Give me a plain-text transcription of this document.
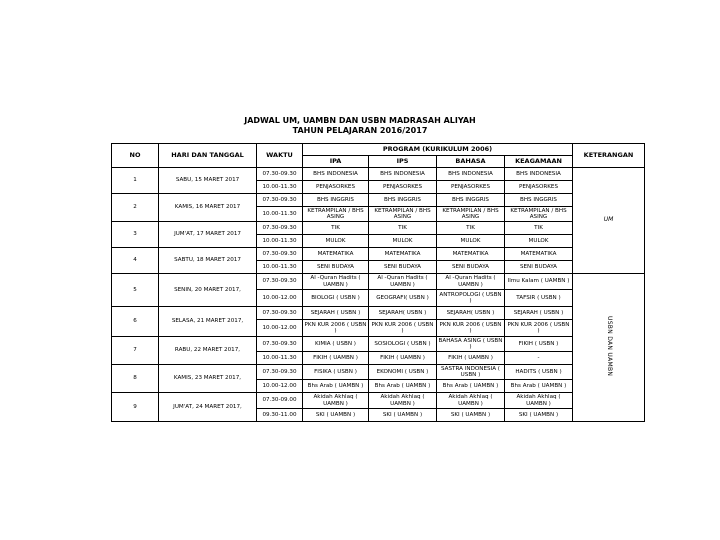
JADWAL UM, UAMBN DAN USBN MADRASAH ALIYAH
TAHUN PELAJARAN 2016/2017
NO	HARI DAN TANGGAL	WAKTU	PROGRAM (KURIKULUM 2006)				KETERANGAN
			IPA	IPS	BAHASA	KEAGAMAAN	
1	SABU, 15 MARET 2017	07.30-09.30	BHS INDONESIA	BHS INDONESIA	BHS INDONESIA	BHS INDONESIA	UM
		10.00-11.30	PENJASORKES	PENJASORKES	PENJASORKES	PENJASORKES	
2	KAMIS, 16 MARET 2017	07.30-09.30	BHS INGGRIS	BHS INGGRIS	BHS INGGRIS	BHS INGGRIS	
		10.00-11.30	KETRAMPILAN / BHS ASING	KETRAMPILAN / BHS ASING	KETRAMPILAN / BHS ASING	KETRAMPILAN / BHS ASING	
3	JUM'AT, 17 MARET 2017	07.30-09.30	TIK	TIK	TIK	TIK	
		10.00-11.30	MULOK	MULOK	MULOK	MULOK	
4	SABTU, 18 MARET 2017	07.30-09.30	MATEMATIKA	MATEMATIKA	MATEMATIKA	MATEMATIKA	
		10.00-11.30	SENI BUDAYA	SENI BUDAYA	SENI BUDAYA	SENI BUDAYA	
5	SENIN, 20 MARET 2017,	07.30-09.30	Al -Quran Hadits ( UAMBN )	Al -Quran Hadits ( UAMBN )	Al -Quran Hadits ( UAMBN )	Ilmu Kalam ( UAMBN )	USBN DAN UAMBN
		10.00-12.00	BIOLOGI ( USBN )	GEOGRAFI( USBN )	ANTROPOLOGI ( USBN )	TAFSIR ( USBN )	
6	SELASA, 21 MARET 2017,	07.30-09.30	SEJARAH ( USBN )	SEJARAH( USBN )	SEJARAH( USBN )	SEJARAH ( USBN )	
		10.00-12.00	PKN KUR 2006 ( USBN )	PKN KUR 2006 ( USBN )	PKN KUR 2006 ( USBN )	PKN KUR 2006 ( USBN )	
7	RABU, 22 MARET 2017,	07.30-09.30	KIMIA ( USBN )	SOSIOLOGI ( USBN )	BAHASA ASING ( USBN )	FIKIH ( USBN )	
		10.00-11.30	FIKIH ( UAMBN )	FIKIH ( UAMBN )	FIKIH ( UAMBN )	-	
8	KAMIS, 23 MARET 2017,	07.30-09.30	FISIKA ( USBN )	EKONOMI ( USBN )	SASTRA INDONESIA ( USBN )	HADITS ( USBN )	
		10.00-12.00	Bhs Arab ( UAMBN )	Bhs Arab ( UAMBN )	Bhs Arab ( UAMBN )	Bhs Arab ( UAMBN )	
9	JUM'AT, 24 MARET 2017,	07.30-09.00	Akidah Akhlaq ( UAMBN )	Akidah Akhlaq ( UAMBN )	Akidah Akhlaq ( UAMBN )	Akidah Akhlaq ( UAMBN )	
		09.30-11.00	SKI ( UAMBN )	SKI ( UAMBN )	SKI ( UAMBN )	SKI ( UAMBN )	
